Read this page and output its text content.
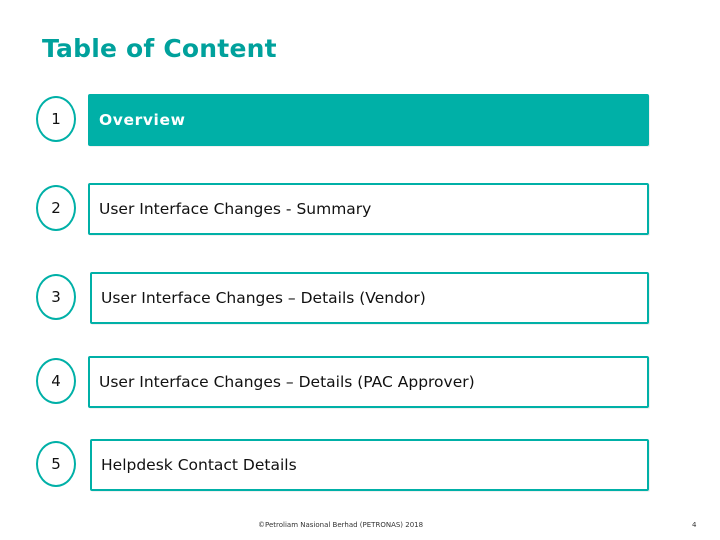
Table of Content
1	Overview
2	User Interface Changes - Summary
3	User Interface Changes – Details (Vendor)
4	User Interface Changes – Details (PAC Approver)
5	Helpdesk Contact Details
©Petroliam Nasional Berhad (PETRONAS) 2018	4
